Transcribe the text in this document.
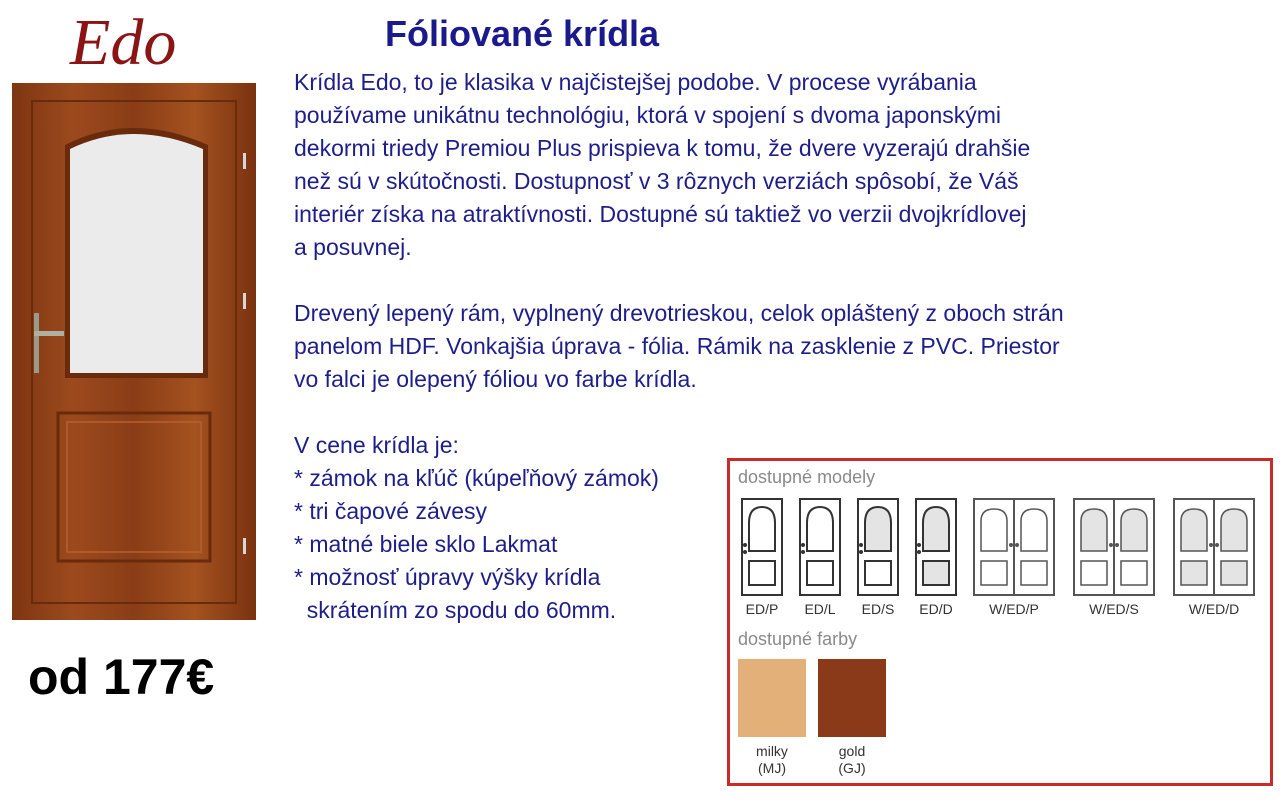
Edo	Fóliované krídla

Krídla Edo, to je klasika v najčistejšej podobe. V procese vyrábania

používame unikátnu technológiu, ktorá v spojení s dvoma japonskými

dekormi triedy Premiou Plus prispieva k tomu, že dvere vyzerajú drahšie

než sú v skútočnosti. Dostupnosť v 3 rôznych verziách spôsobí, že Váš

interiér získa na atraktívnosti. Dostupné sú taktiež vo verzii dvojkrídlovej

a posuvnej.

Drevený lepený rám, vyplnený drevotrieskou, celok opláštený z oboch strán

panelom HDF. Vonkajšia úprava - fólia. Rámik na zasklenie z PVC. Priestor

vo falci je olepený fóliou vo farbe krídla.

V cene krídla je:

* zámok na kľúč (kúpeľňový zámok)

* tri čapové závesy

* matné biele sklo Lakmat

* možnosť úpravy výšky krídla

skrátením zo spodu do 60mm.

od 177€
dostupné modely
ED/P	ED/L	ED/S	ED/D	W/ED/P	W/ED/S	W/ED/D
dostupné farby
milky
(MJ)
gold
(GJ)
